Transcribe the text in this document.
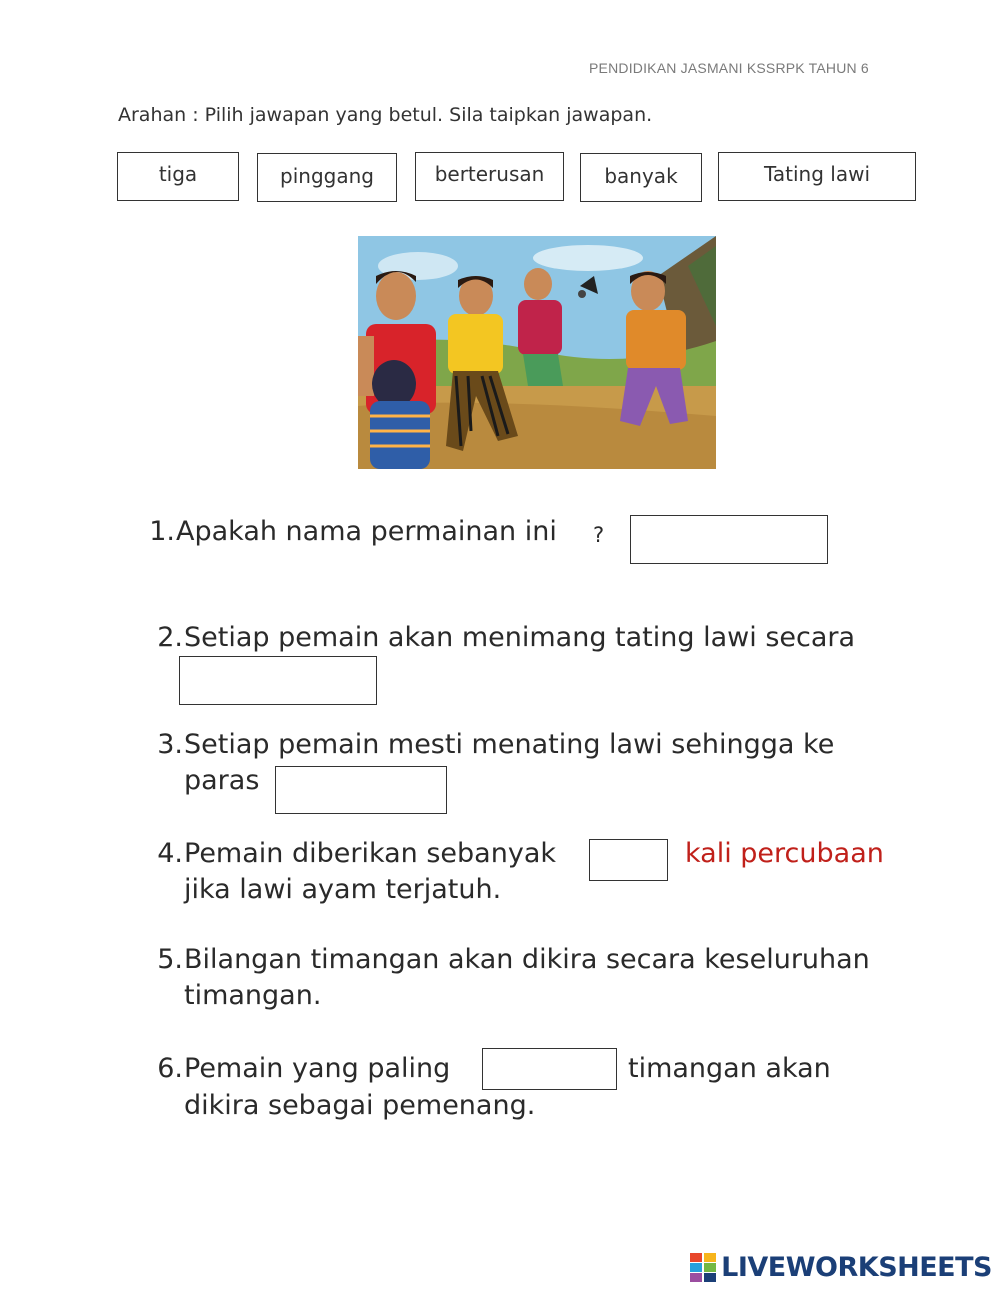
PENDIDIKAN JASMANI KSSRPK TAHUN 6
Arahan : Pilih jawapan yang betul. Sila taipkan jawapan.
tiga	pinggang	berterusan	banyak	Tating lawi
1. Apakah nama permainan ini ?
2. Setiap pemain akan menimang tating lawi secara
3. Setiap pemain mesti menating lawi sehingga ke
paras
4. Pemain diberikan sebanyak	kali percubaan
jika lawi ayam terjatuh.
5. Bilangan timangan akan dikira secara keseluruhan
timangan.
6. Pemain yang paling	timangan akan
dikira sebagai pemenang.
LIVEWORKSHEETS
